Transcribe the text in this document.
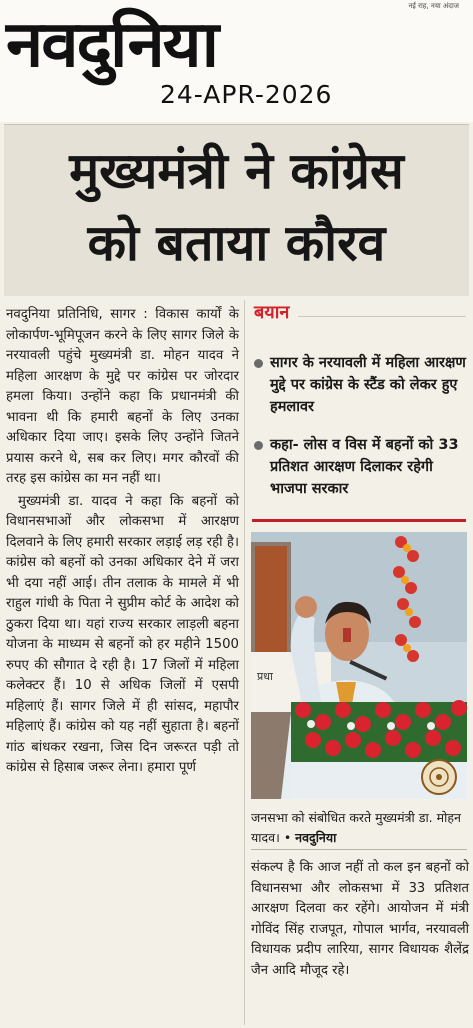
नवदुनिया
नई राह, नया अंदाज
24-APR-2026
मुख्यमंत्री ने कांग्रेस
को बताया कौरव

नवदुनिया प्रतिनिधि, सागर : विकास कार्यों के लोकार्पण-भूमिपूजन करने के लिए सागर जिले के नरयावली पहुंचे मुख्यमंत्री डा. मोहन यादव ने महिला आरक्षण के मुद्दे पर कांग्रेस पर जोरदार हमला किया। उन्होंने कहा कि प्रधानमंत्री की भावना थी कि हमारी बहनों के लिए उनका अधिकार दिया जाए। इसके लिए उन्होंने जितने प्रयास करने थे, सब कर लिए। मगर कौरवों की तरह इस कांग्रेस का मन नहीं था।

मुख्यमंत्री डा. यादव ने कहा कि बहनों को विधानसभाओं और लोकसभा में आरक्षण दिलवाने के लिए हमारी सरकार लड़ाई लड़ रही है। कांग्रेस को बहनों को उनका अधिकार देने में जरा भी दया नहीं आई। तीन तलाक के मामले में भी राहुल गांधी के पिता ने सुप्रीम कोर्ट के आदेश को ठुकरा दिया था। यहां राज्य सरकार लाड़ली बहना योजना के माध्यम से बहनों को हर महीने 1500 रुपए की सौगात दे रही है। 17 जिलों में महिला कलेक्टर हैं। 10 से अधिक जिलों में एसपी महिलाएं हैं। सागर जिले में ही सांसद, महापौर महिलाएं हैं। कांग्रेस को यह नहीं सुहाता है। बहनों गांठ बांधकर रखना, जिस दिन जरूरत पड़ी तो कांग्रेस से हिसाब जरूर लेना। हमारा पूर्ण

बयान
सागर के नरयावली में महिला आरक्षण मुद्दे पर कांग्रेस के स्टैंड को लेकर हुए हमलावर
कहा- लोस व विस में बहनों को 33 प्रतिशत आरक्षण दिलाकर रहेगी भाजपा सरकार
प्रधा
जनसभा को संबोधित करते मुख्यमंत्री डा. मोहन यादव। • नवदुनिया
संकल्प है कि आज नहीं तो कल इन बहनों को विधानसभा और लोकसभा में 33 प्रतिशत आरक्षण दिलवा कर रहेंगे। आयोजन में मंत्री गोविंद सिंह राजपूत, गोपाल भार्गव, नरयावली विधायक प्रदीप लारिया, सागर विधायक शैलेंद्र जैन आदि मौजूद रहे।
